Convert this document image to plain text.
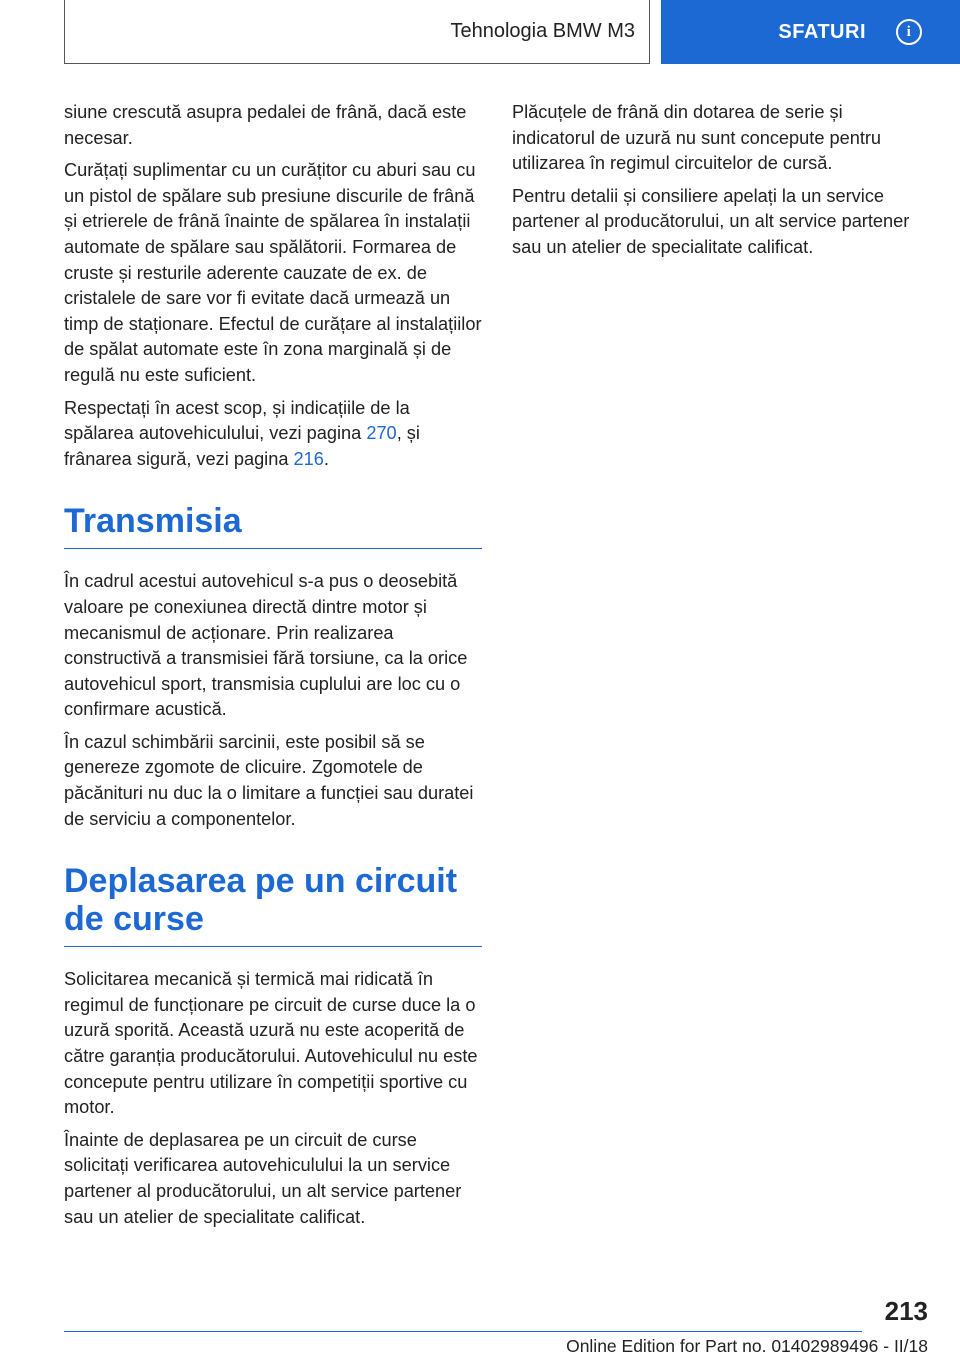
Tehnologia BMW M3	SFATURI	i

siune crescută asupra pedalei de frână, dacă este necesar.

Curățați suplimentar cu un curățitor cu aburi sau cu un pistol de spălare sub presiune discurile de frână și etrierele de frână înainte de spălarea în instalații automate de spălare sau spălătorii. Formarea de cruste și resturile aderente cauzate de ex. de cristalele de sare vor fi evitate dacă urmează un timp de staționare. Efectul de curățare al instalațiilor de spălat automate este în zona marginală și de regulă nu este suficient.

Respectați în acest scop, și indicațiile de la spălarea autovehiculului, vezi pagina 270, și frânarea sigură, vezi pagina 216.

Transmisia

În cadrul acestui autovehicul s-a pus o deosebită valoare pe conexiunea directă dintre motor și mecanismul de acționare. Prin realizarea constructivă a transmisiei fără torsiune, ca la orice autovehicul sport, transmisia cuplului are loc cu o confirmare acustică.

În cazul schimbării sarcinii, este posibil să se genereze zgomote de clicuire. Zgomotele de păcănituri nu duc la o limitare a funcției sau duratei de serviciu a componentelor.

Deplasarea pe un circuit de curse

Solicitarea mecanică și termică mai ridicată în regimul de funcționare pe circuit de curse duce la o uzură sporită. Această uzură nu este acoperită de către garanția producătorului. Autovehiculul nu este concepute pentru utilizare în competiții sportive cu motor.

Înainte de deplasarea pe un circuit de curse solicitați verificarea autovehiculului la un service partener al producătorului, un alt service partener sau un atelier de specialitate calificat.

Plăcuțele de frână din dotarea de serie și indicatorul de uzură nu sunt concepute pentru utilizarea în regimul circuitelor de cursă.

Pentru detalii și consiliere apelați la un service partener al producătorului, un alt service partener sau un atelier de specialitate calificat.

213
Online Edition for Part no. 01402989496 - II/18
